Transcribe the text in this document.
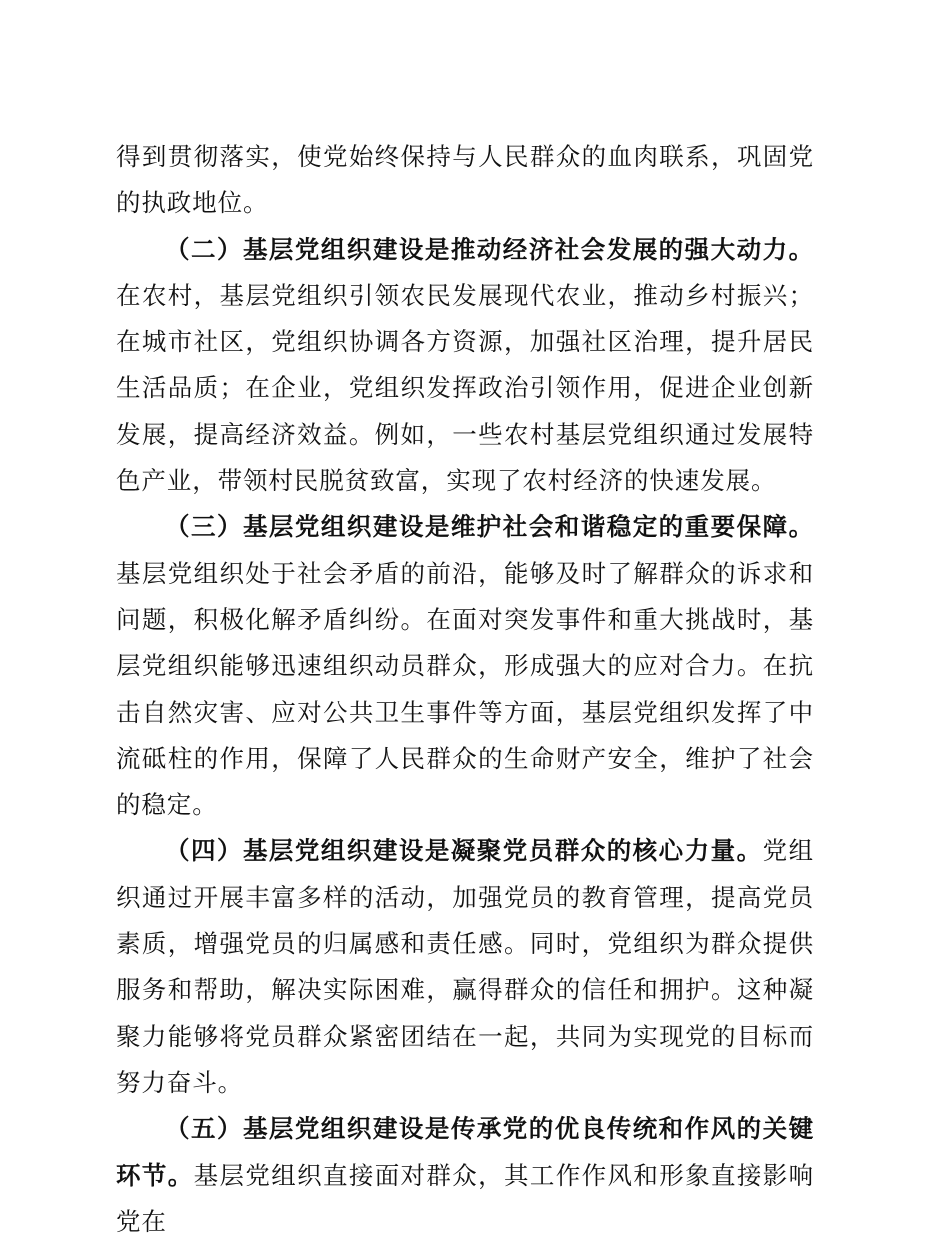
得到贯彻落实，使党始终保持与人民群众的血肉联系，巩固党的执政地位。

（二）基层党组织建设是推动经济社会发展的强大动力。在农村，基层党组织引领农民发展现代农业，推动乡村振兴；在城市社区，党组织协调各方资源，加强社区治理，提升居民生活品质；在企业，党组织发挥政治引领作用，促进企业创新发展，提高经济效益。例如，一些农村基层党组织通过发展特色产业，带领村民脱贫致富，实现了农村经济的快速发展。

（三）基层党组织建设是维护社会和谐稳定的重要保障。基层党组织处于社会矛盾的前沿，能够及时了解群众的诉求和问题，积极化解矛盾纠纷。在面对突发事件和重大挑战时，基层党组织能够迅速组织动员群众，形成强大的应对合力。在抗击自然灾害、应对公共卫生事件等方面，基层党组织发挥了中流砥柱的作用，保障了人民群众的生命财产安全，维护了社会的稳定。

（四）基层党组织建设是凝聚党员群众的核心力量。党组织通过开展丰富多样的活动，加强党员的教育管理，提高党员素质，增强党员的归属感和责任感。同时，党组织为群众提供服务和帮助，解决实际困难，赢得群众的信任和拥护。这种凝聚力能够将党员群众紧密团结在一起，共同为实现党的目标而努力奋斗。

（五）基层党组织建设是传承党的优良传统和作风的关键环节。基层党组织直接面对群众，其工作作风和形象直接影响党在
